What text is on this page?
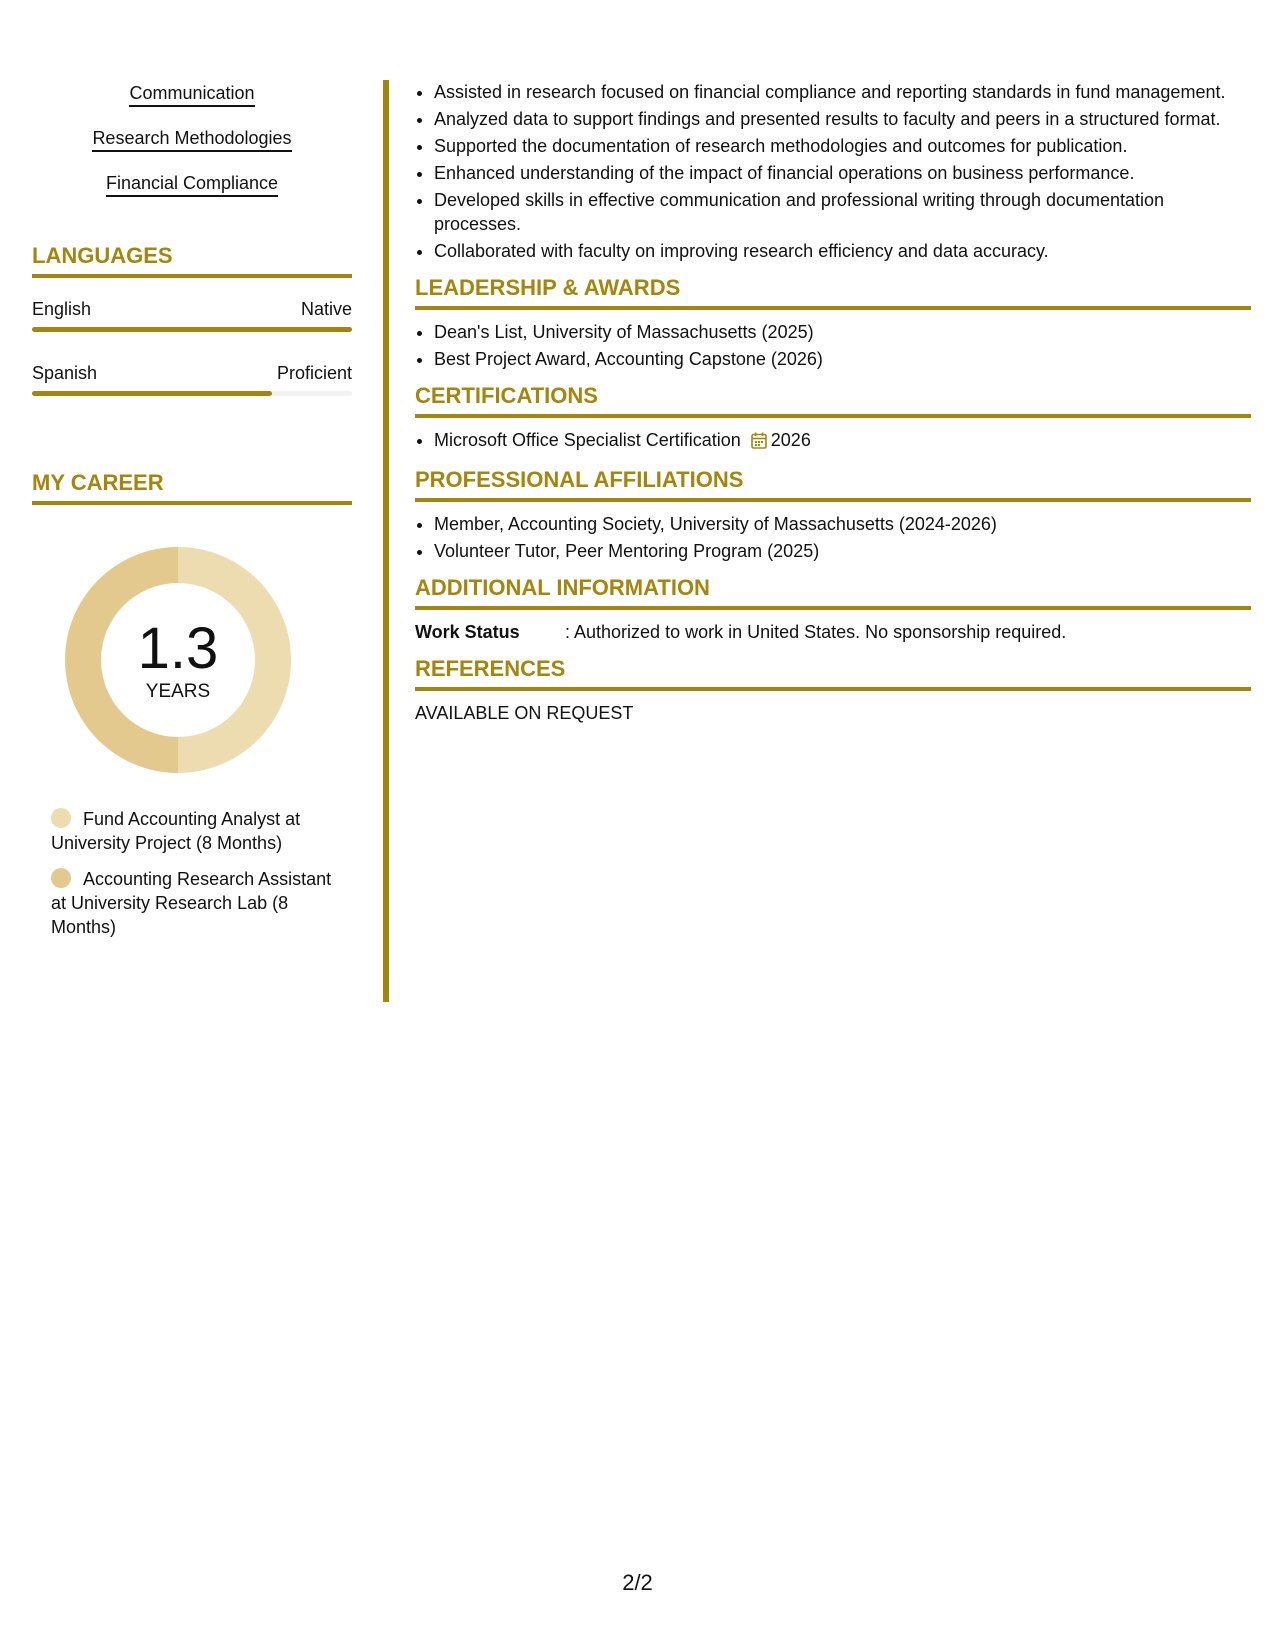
Communication
Research Methodologies
Financial Compliance
LANGUAGES
English	Native
Spanish	Proficient
MY CAREER
1.3
YEARS
Fund Accounting Analyst at University Project (8 Months)
Accounting Research Assistant at University Research Lab (8 Months)
• Assisted in research focused on financial compliance and reporting standards in fund management.
• Analyzed data to support findings and presented results to faculty and peers in a structured format.
• Supported the documentation of research methodologies and outcomes for publication.
• Enhanced understanding of the impact of financial operations on business performance.
• Developed skills in effective communication and professional writing through documentation processes.
• Collaborated with faculty on improving research efficiency and data accuracy.
LEADERSHIP & AWARDS
• Dean's List, University of Massachusetts (2025)
• Best Project Award, Accounting Capstone (2026)
CERTIFICATIONS
• Microsoft Office Specialist Certification 2026
PROFESSIONAL AFFILIATIONS
• Member, Accounting Society, University of Massachusetts (2024-2026)
• Volunteer Tutor, Peer Mentoring Program (2025)
ADDITIONAL INFORMATION
Work Status	: Authorized to work in United States. No sponsorship required.
REFERENCES
AVAILABLE ON REQUEST
2/2
